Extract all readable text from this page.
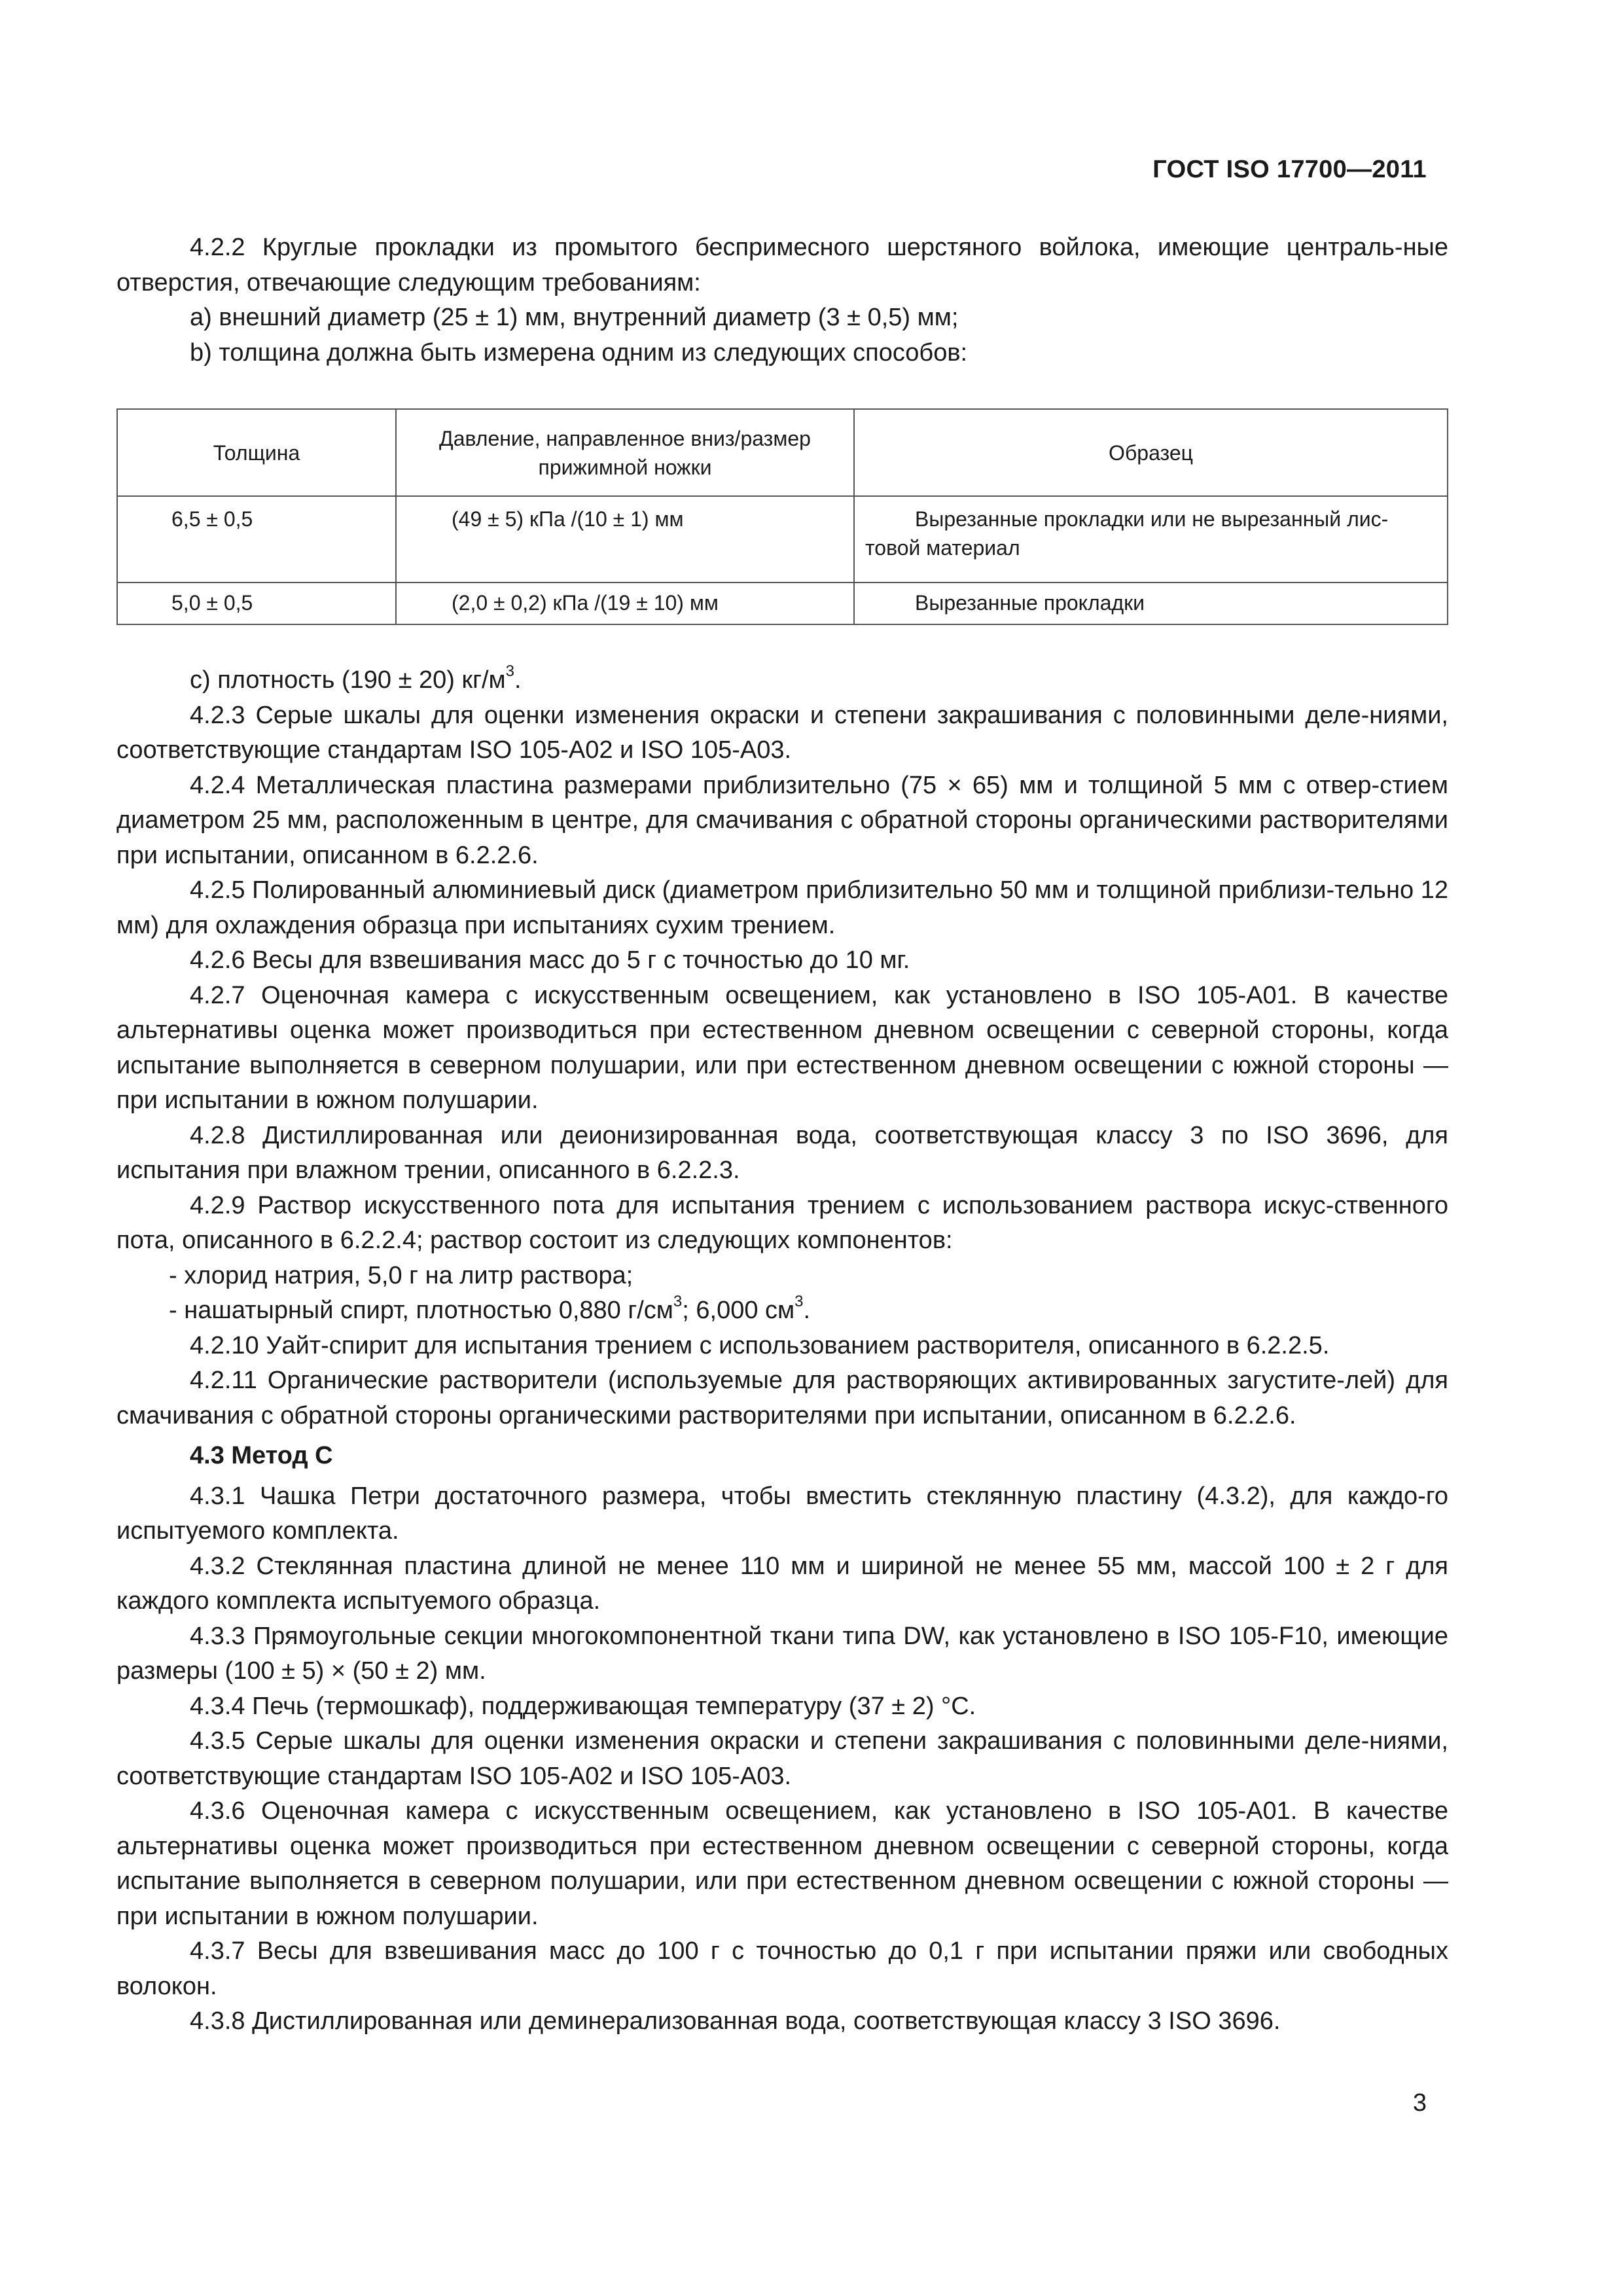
ГОСТ ISO 17700—2011

4.2.2 Круглые прокладки из промытого беспримесного шерстяного войлока, имеющие централь-ные отверстия, отвечающие следующим требованиям:

a) внешний диаметр (25 ± 1) мм, внутренний диаметр (3 ± 0,5) мм;

b) толщина должна быть измерена одним из следующих способов:

Толщина	Давление, направленное вниз/размер прижимной ножки	Образец
6,5 ± 0,5	(49 ± 5) кПа /(10 ± 1) мм	Вырезанные прокладки или не вырезанный лис-товой материал
5,0 ± 0,5	(2,0 ± 0,2) кПа /(19 ± 10) мм	Вырезанные прокладки

c) плотность (190 ± 20) $кг/м^3$.

4.2.3 Серые шкалы для оценки изменения окраски и степени закрашивания с половинными деле-ниями, соответствующие стандартам ISO 105-A02 и ISO 105-A03.

4.2.4 Металлическая пластина размерами приблизительно (75 × 65) мм и толщиной 5 мм с отвер-стием диаметром 25 мм, расположенным в центре, для смачивания с обратной стороны органическими растворителями при испытании, описанном в 6.2.2.6.

4.2.5 Полированный алюминиевый диск (диаметром приблизительно 50 мм и толщиной приблизи-тельно 12 мм) для охлаждения образца при испытаниях сухим трением.

4.2.6 Весы для взвешивания масс до 5 г с точностью до 10 мг.

4.2.7 Оценочная камера с искусственным освещением, как установлено в ISO 105-A01. В качестве альтернативы оценка может производиться при естественном дневном освещении с северной стороны, когда испытание выполняется в северном полушарии, или при естественном дневном освещении с южной стороны — при испытании в южном полушарии.

4.2.8 Дистиллированная или деионизированная вода, соответствующая классу 3 по ISO 3696, для испытания при влажном трении, описанного в 6.2.2.3.

4.2.9 Раствор искусственного пота для испытания трением с использованием раствора искус-ственного пота, описанного в 6.2.2.4; раствор состоит из следующих компонентов:

- хлорид натрия, 5,0 г на литр раствора;

- нашатырный спирт, плотностью 0,880 $г/см^3$; 6,000 $см^3$.

4.2.10 Уайт-спирит для испытания трением с использованием растворителя, описанного в 6.2.2.5.

4.2.11 Органические растворители (используемые для растворяющих активированных загустите-лей) для смачивания с обратной стороны органическими растворителями при испытании, описанном в 6.2.2.6.

4.3 Метод C

4.3.1 Чашка Петри достаточного размера, чтобы вместить стеклянную пластину (4.3.2), для каждо-го испытуемого комплекта.

4.3.2 Стеклянная пластина длиной не менее 110 мм и шириной не менее 55 мм, массой 100 ± 2 г для каждого комплекта испытуемого образца.

4.3.3 Прямоугольные секции многокомпонентной ткани типа DW, как установлено в ISO 105-F10, имеющие размеры (100 ± 5) × (50 ± 2) мм.

4.3.4 Печь (термошкаф), поддерживающая температуру (37 ± 2) °C.

4.3.5 Серые шкалы для оценки изменения окраски и степени закрашивания с половинными деле-ниями, соответствующие стандартам ISO 105-A02 и ISO 105-A03.

4.3.6 Оценочная камера с искусственным освещением, как установлено в ISO 105-A01. В качестве альтернативы оценка может производиться при естественном дневном освещении с северной стороны, когда испытание выполняется в северном полушарии, или при естественном дневном освещении с южной стороны — при испытании в южном полушарии.

4.3.7 Весы для взвешивания масс до 100 г с точностью до 0,1 г при испытании пряжи или свободных волокон.

4.3.8 Дистиллированная или деминерализованная вода, соответствующая классу 3 ISO 3696.

3
